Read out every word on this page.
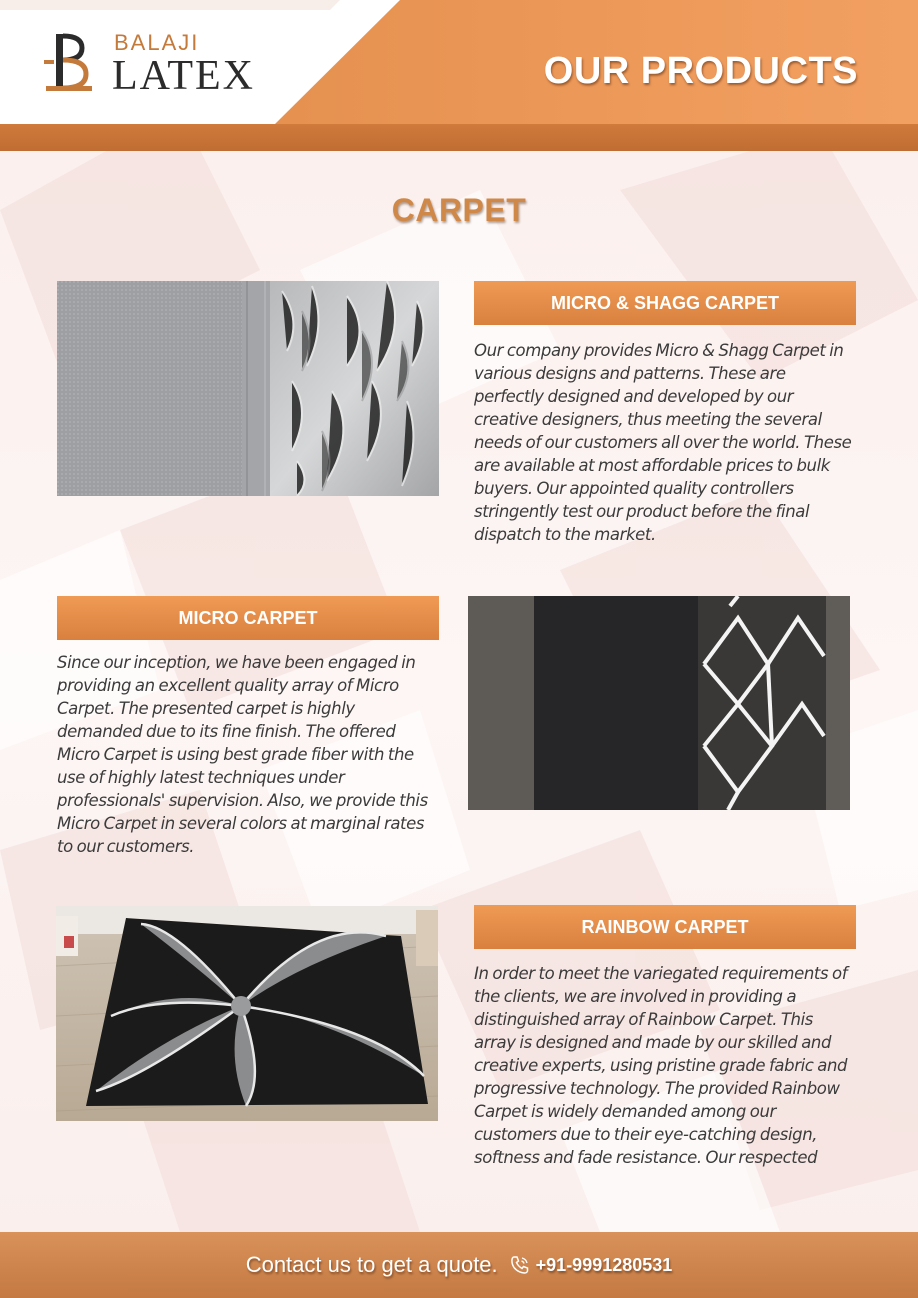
BALAJI
LATEX	OUR PRODUCTS
CARPET
MICRO & SHAGG CARPET
Our company provides Micro & Shagg Carpet in various designs and patterns. These are perfectly designed and developed by our creative designers, thus meeting the several needs of our customers all over the world. These are available at most affordable prices to bulk buyers. Our appointed quality controllers stringently test our product before the final dispatch to the market.
MICRO CARPET
Since our inception, we have been engaged in providing an excellent quality array of Micro Carpet. The presented carpet is highly demanded due to its fine finish. The offered Micro Carpet is using best grade fiber with the use of highly latest techniques under professionals' supervision. Also, we provide this Micro Carpet in several colors at marginal rates to our customers.
RAINBOW CARPET
In order to meet the variegated requirements of the clients, we are involved in providing a distinguished array of Rainbow Carpet. This array is designed and made by our skilled and creative experts, using pristine grade fabric and progressive technology. The provided Rainbow Carpet is widely demanded among our customers due to their eye-catching design, softness and fade resistance. Our respected
Contact us to get a quote. +91-9991280531
